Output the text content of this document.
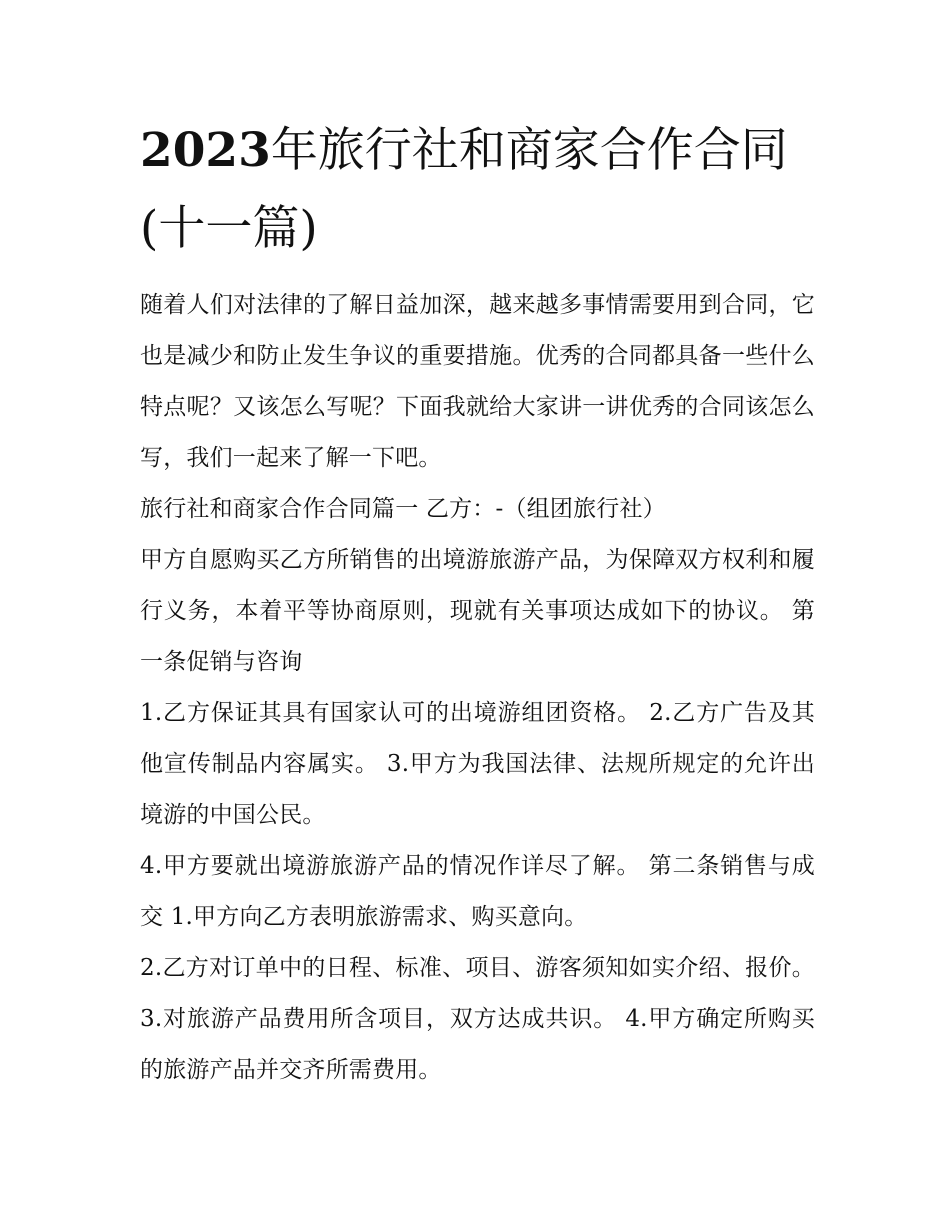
2023年旅行社和商家合作合同(十一篇)

随着人们对法律的了解日益加深，越来越多事情需要用到合同，它也是减少和防止发生争议的重要措施。优秀的合同都具备一些什么特点呢？又该怎么写呢？下面我就给大家讲一讲优秀的合同该怎么写，我们一起来了解一下吧。

旅行社和商家合作合同篇一 乙方：-（组团旅行社）

甲方自愿购买乙方所销售的出境游旅游产品，为保障双方权利和履行义务，本着平等协商原则，现就有关事项达成如下的协议。 第一条促销与咨询

1.乙方保证其具有国家认可的出境游组团资格。 2.乙方广告及其他宣传制品内容属实。 3.甲方为我国法律、法规所规定的允许出境游的中国公民。

4.甲方要就出境游旅游产品的情况作详尽了解。 第二条销售与成交 1.甲方向乙方表明旅游需求、购买意向。

2.乙方对订单中的日程、标准、项目、游客须知如实介绍、报价。 3.对旅游产品费用所含项目，双方达成共识。 4.甲方确定所购买的旅游产品并交齐所需费用。
